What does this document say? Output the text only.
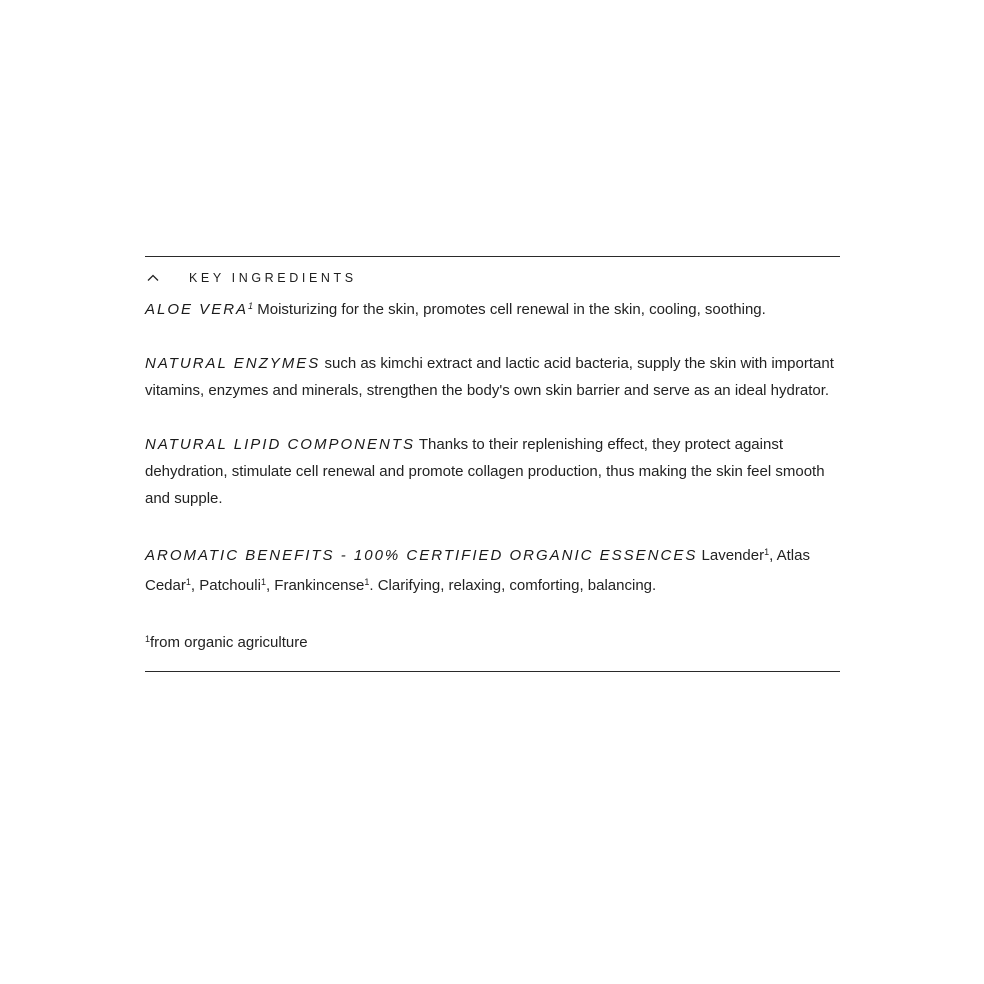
KEY INGREDIENTS

ALOE VERA$^1$ Moisturizing for the skin, promotes cell renewal in the skin, cooling, soothing.

NATURAL ENZYMES such as kimchi extract and lactic acid bacteria, supply the skin with important vitamins, enzymes and minerals, strengthen the body's own skin barrier and serve as an ideal hydrator.

NATURAL LIPID COMPONENTS Thanks to their replenishing effect, they protect against dehydration, stimulate cell renewal and promote collagen production, thus making the skin feel smooth and supple.

AROMATIC BENEFITS - 100% CERTIFIED ORGANIC ESSENCES Lavender$^1$, Atlas Cedar$^1$, Patchouli$^1$, Frankincense$^1$. Clarifying, relaxing, comforting, balancing.

$^1$from organic agriculture
